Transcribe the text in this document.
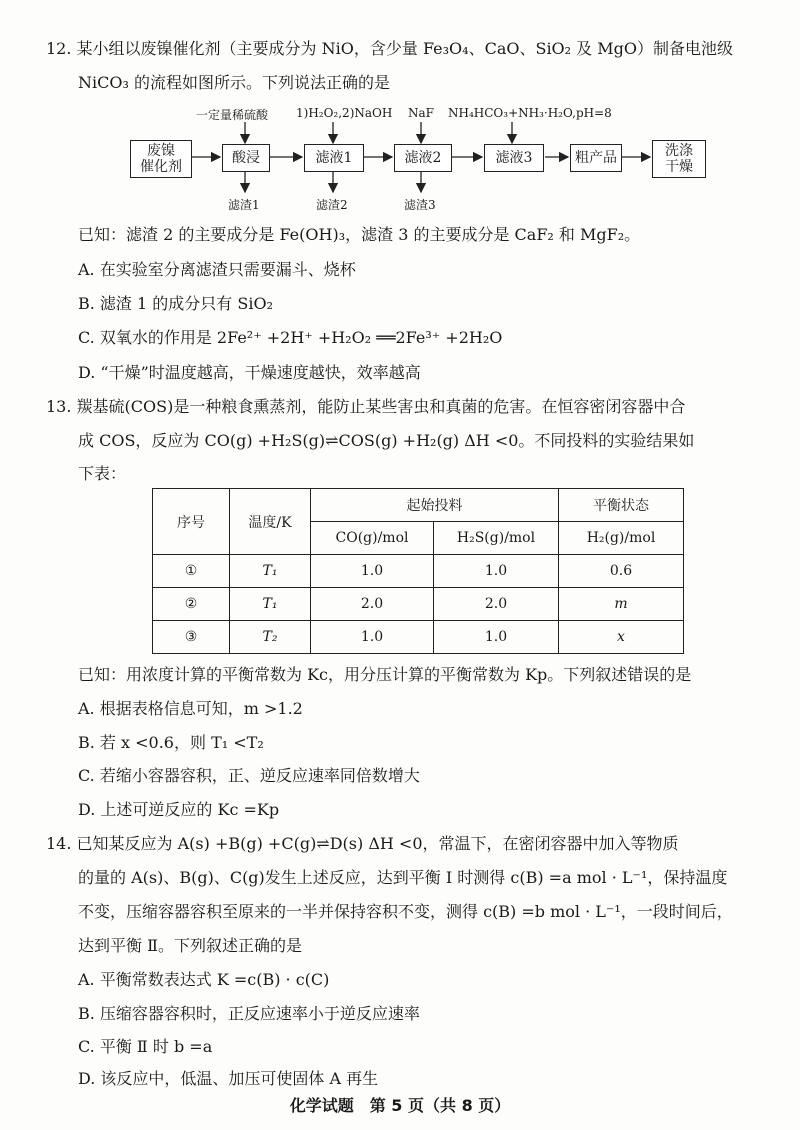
12. 某小组以废镍催化剂（主要成分为 NiO，含少量 Fe₃O₄、CaO、SiO₂ 及 MgO）制备电池级
NiCO₃ 的流程如图所示。下列说法正确的是
一定量稀硫酸 1)H₂O₂,2)NaOH NaF NH₄HCO₃+NH₃·H₂O,pH=8
废镍
催化剂
酸浸	滤液1	滤液2	滤液3	粗产品	洗涤
干燥
滤渣1	滤渣2	滤渣3
已知：滤渣 2 的主要成分是 Fe(OH)₃，滤渣 3 的主要成分是 CaF₂ 和 MgF₂。
A. 在实验室分离滤渣只需要漏斗、烧杯
B. 滤渣 1 的成分只有 SiO₂
C. 双氧水的作用是 2Fe²⁺ +2H⁺ +H₂O₂ ══2Fe³⁺ +2H₂O
D. “干燥”时温度越高，干燥速度越快，效率越高
13. 羰基硫(COS)是一种粮食熏蒸剂，能防止某些害虫和真菌的危害。在恒容密闭容器中合
成 COS，反应为 CO(g) +H₂S(g)⇌COS(g) +H₂(g) ΔH <0。不同投料的实验结果如
下表：
序号	温度/K	起始投料		平衡状态
		CO(g)/mol	H₂S(g)/mol	H₂(g)/mol
①	T₁	1.0	1.0	0.6
②	T₁	2.0	2.0	m
③	T₂	1.0	1.0	x
已知：用浓度计算的平衡常数为 Kc，用分压计算的平衡常数为 Kp。下列叙述错误的是
A. 根据表格信息可知，m >1.2
B. 若 x <0.6，则 T₁ <T₂
C. 若缩小容器容积，正、逆反应速率同倍数增大
D. 上述可逆反应的 Kc =Kp
14. 已知某反应为 A(s) +B(g) +C(g)⇌D(s) ΔH <0，常温下，在密闭容器中加入等物质
的量的 A(s)、B(g)、C(g)发生上述反应，达到平衡 Ⅰ 时测得 c(B) =a mol · L⁻¹，保持温度
不变，压缩容器容积至原来的一半并保持容积不变，测得 c(B) =b mol · L⁻¹，一段时间后，
达到平衡 Ⅱ。下列叙述正确的是
A. 平衡常数表达式 K =c(B) · c(C)
B. 压缩容器容积时，正反应速率小于逆反应速率
C. 平衡 Ⅱ 时 b =a
D. 该反应中，低温、加压可使固体 A 再生
化学试题　第 5 页（共 8 页）
